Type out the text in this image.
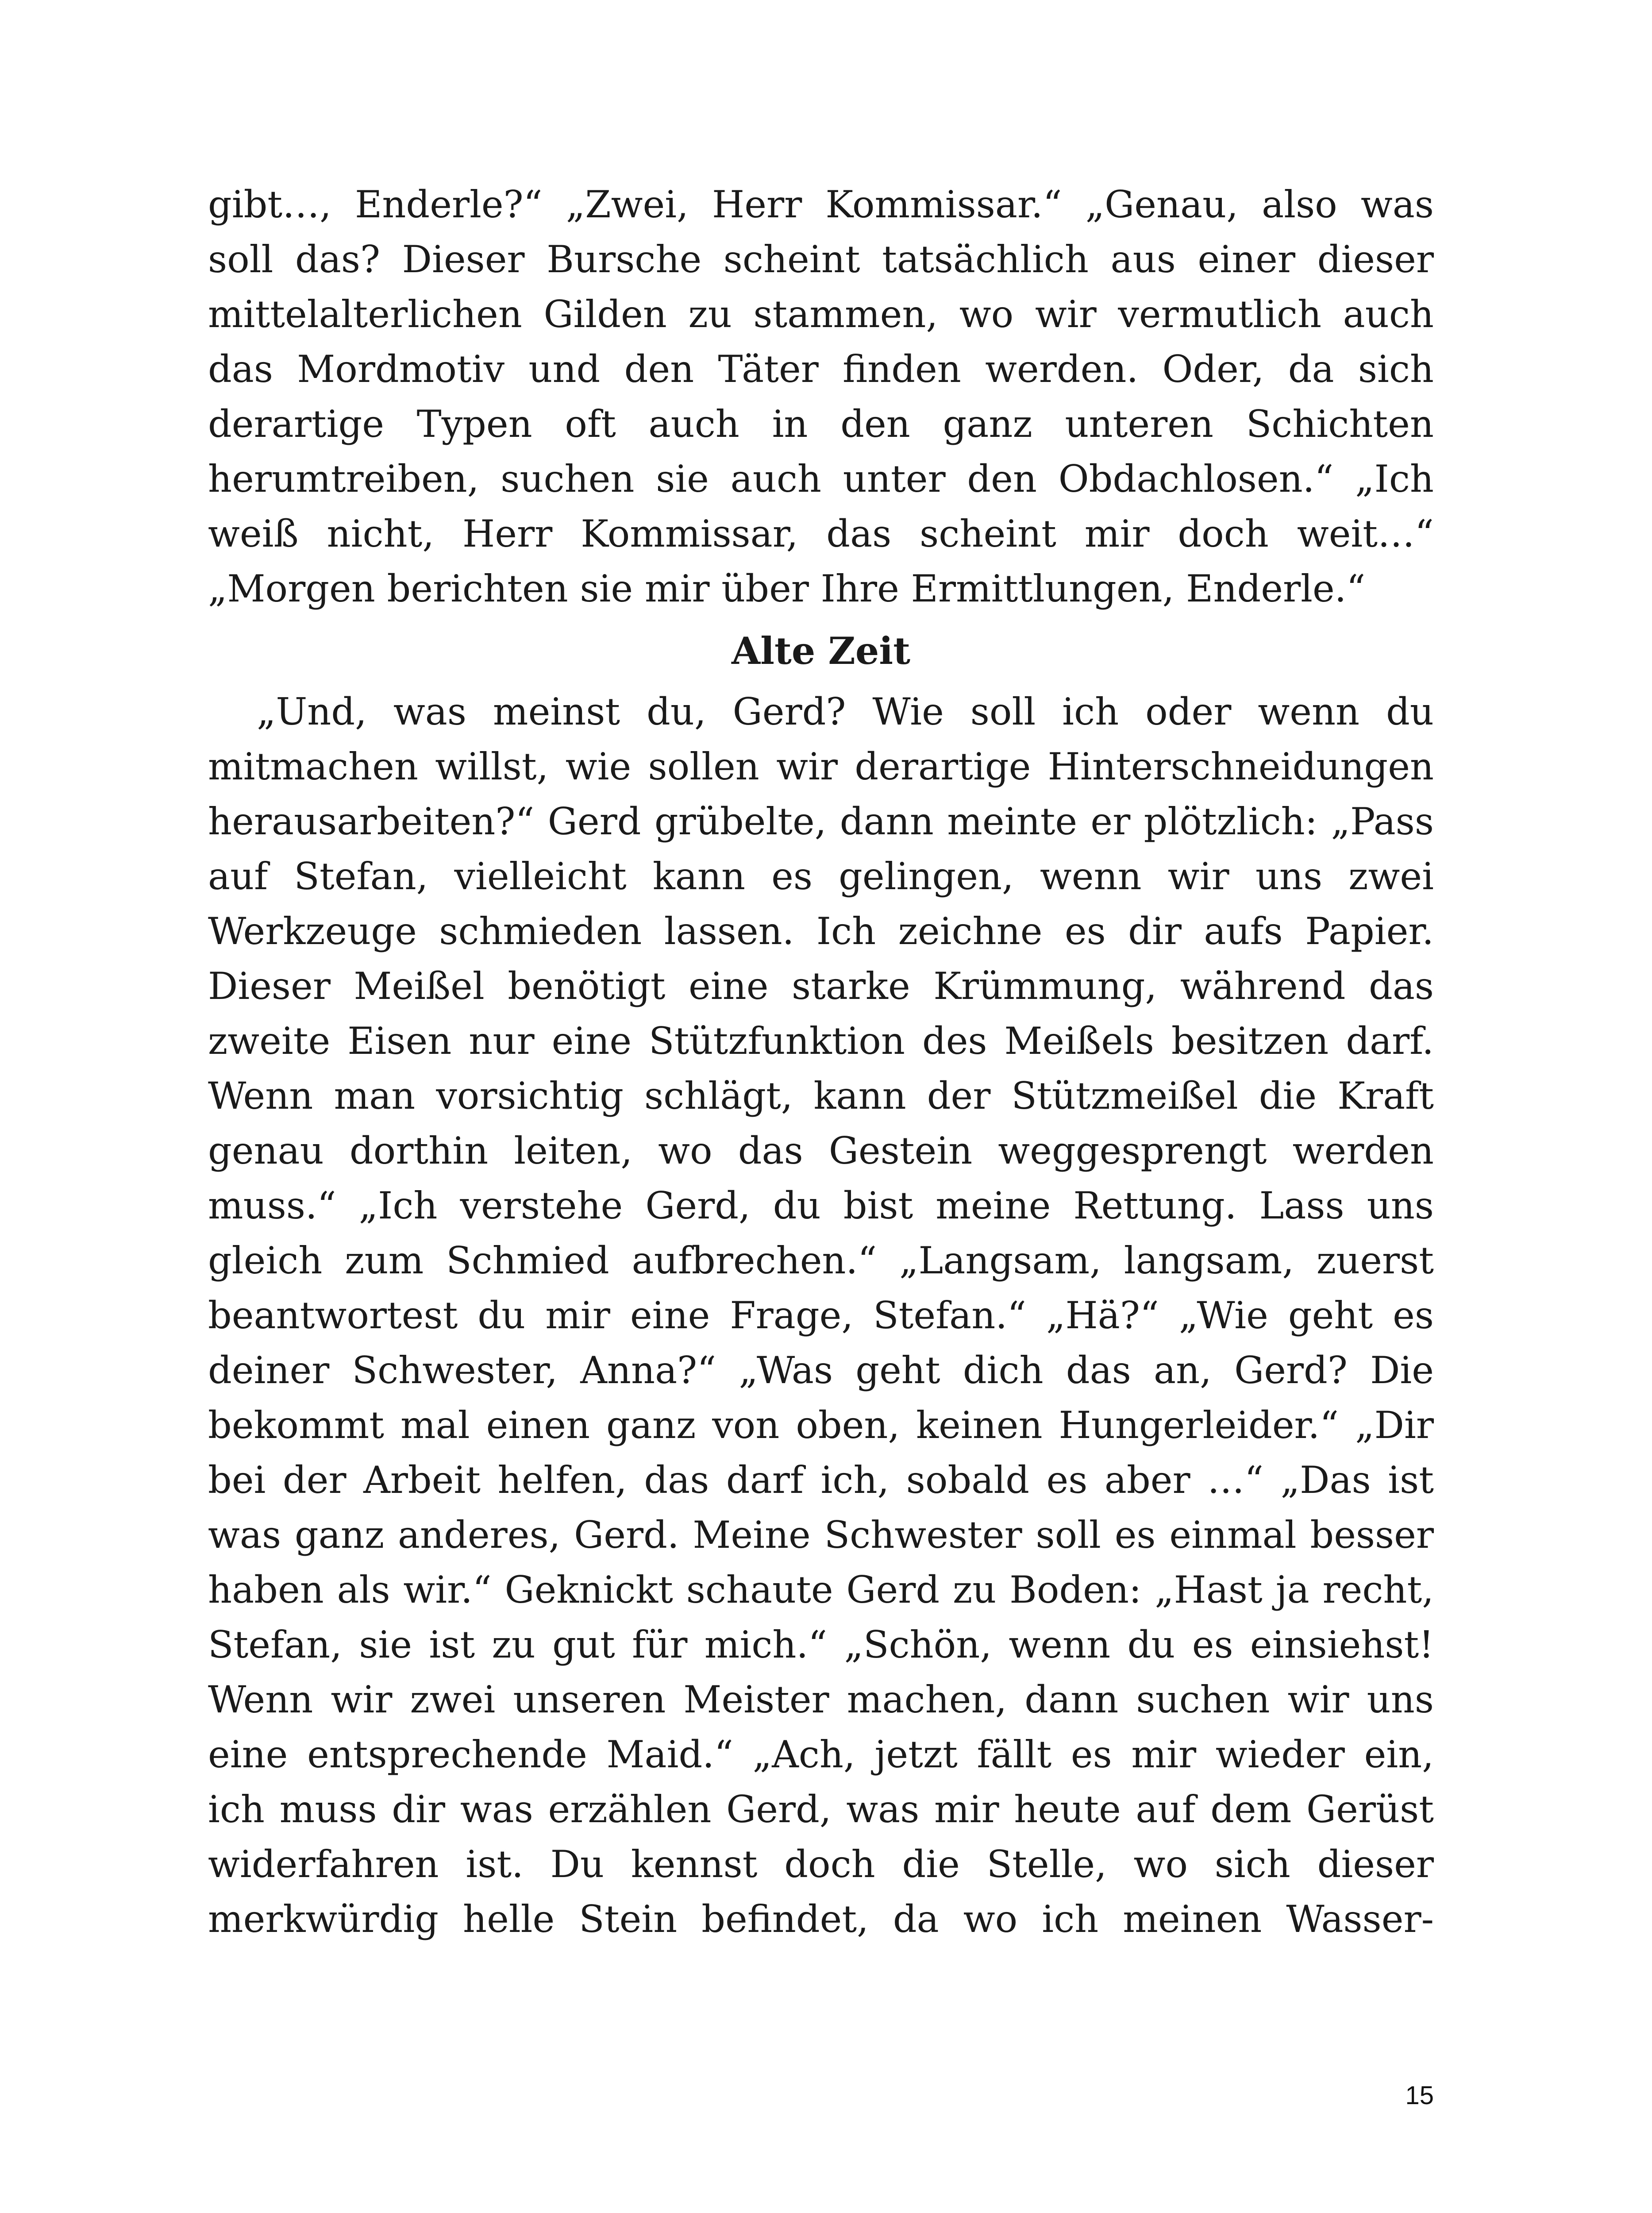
gibt…, Enderle?“ „Zwei, Herr Kommissar.“ „Genau, also was
soll das? Dieser Bursche scheint tatsächlich aus einer dieser
mittelalterlichen Gilden zu stammen, wo wir vermutlich auch
das Mordmotiv und den Täter finden werden. Oder, da sich
derartige Typen oft auch in den ganz unteren Schichten
herumtreiben, suchen sie auch unter den Obdachlosen.“ „Ich
weiß nicht, Herr Kommissar, das scheint mir doch weit…“
„Morgen berichten sie mir über Ihre Ermittlungen, Enderle.“
Alte Zeit
„Und, was meinst du, Gerd? Wie soll ich oder wenn du
mitmachen willst, wie sollen wir derartige Hinterschneidungen
herausarbeiten?“ Gerd grübelte, dann meinte er plötzlich: „Pass
auf Stefan, vielleicht kann es gelingen, wenn wir uns zwei
Werkzeuge schmieden lassen. Ich zeichne es dir aufs Papier.
Dieser Meißel benötigt eine starke Krümmung, während das
zweite Eisen nur eine Stützfunktion des Meißels besitzen darf.
Wenn man vorsichtig schlägt, kann der Stützmeißel die Kraft
genau dorthin leiten, wo das Gestein weggesprengt werden
muss.“ „Ich verstehe Gerd, du bist meine Rettung. Lass uns
gleich zum Schmied aufbrechen.“ „Langsam, langsam, zuerst
beantwortest du mir eine Frage, Stefan.“ „Hä?“ „Wie geht es
deiner Schwester, Anna?“ „Was geht dich das an, Gerd? Die
bekommt mal einen ganz von oben, keinen Hungerleider.“ „Dir
bei der Arbeit helfen, das darf ich, sobald es aber …“ „Das ist
was ganz anderes, Gerd. Meine Schwester soll es einmal besser
haben als wir.“ Geknickt schaute Gerd zu Boden: „Hast ja recht,
Stefan, sie ist zu gut für mich.“ „Schön, wenn du es einsiehst!
Wenn wir zwei unseren Meister machen, dann suchen wir uns
eine entsprechende Maid.“ „Ach, jetzt fällt es mir wieder ein,
ich muss dir was erzählen Gerd, was mir heute auf dem Gerüst
widerfahren ist. Du kennst doch die Stelle, wo sich dieser
merkwürdig helle Stein befindet, da wo ich meinen Wasser-
15
